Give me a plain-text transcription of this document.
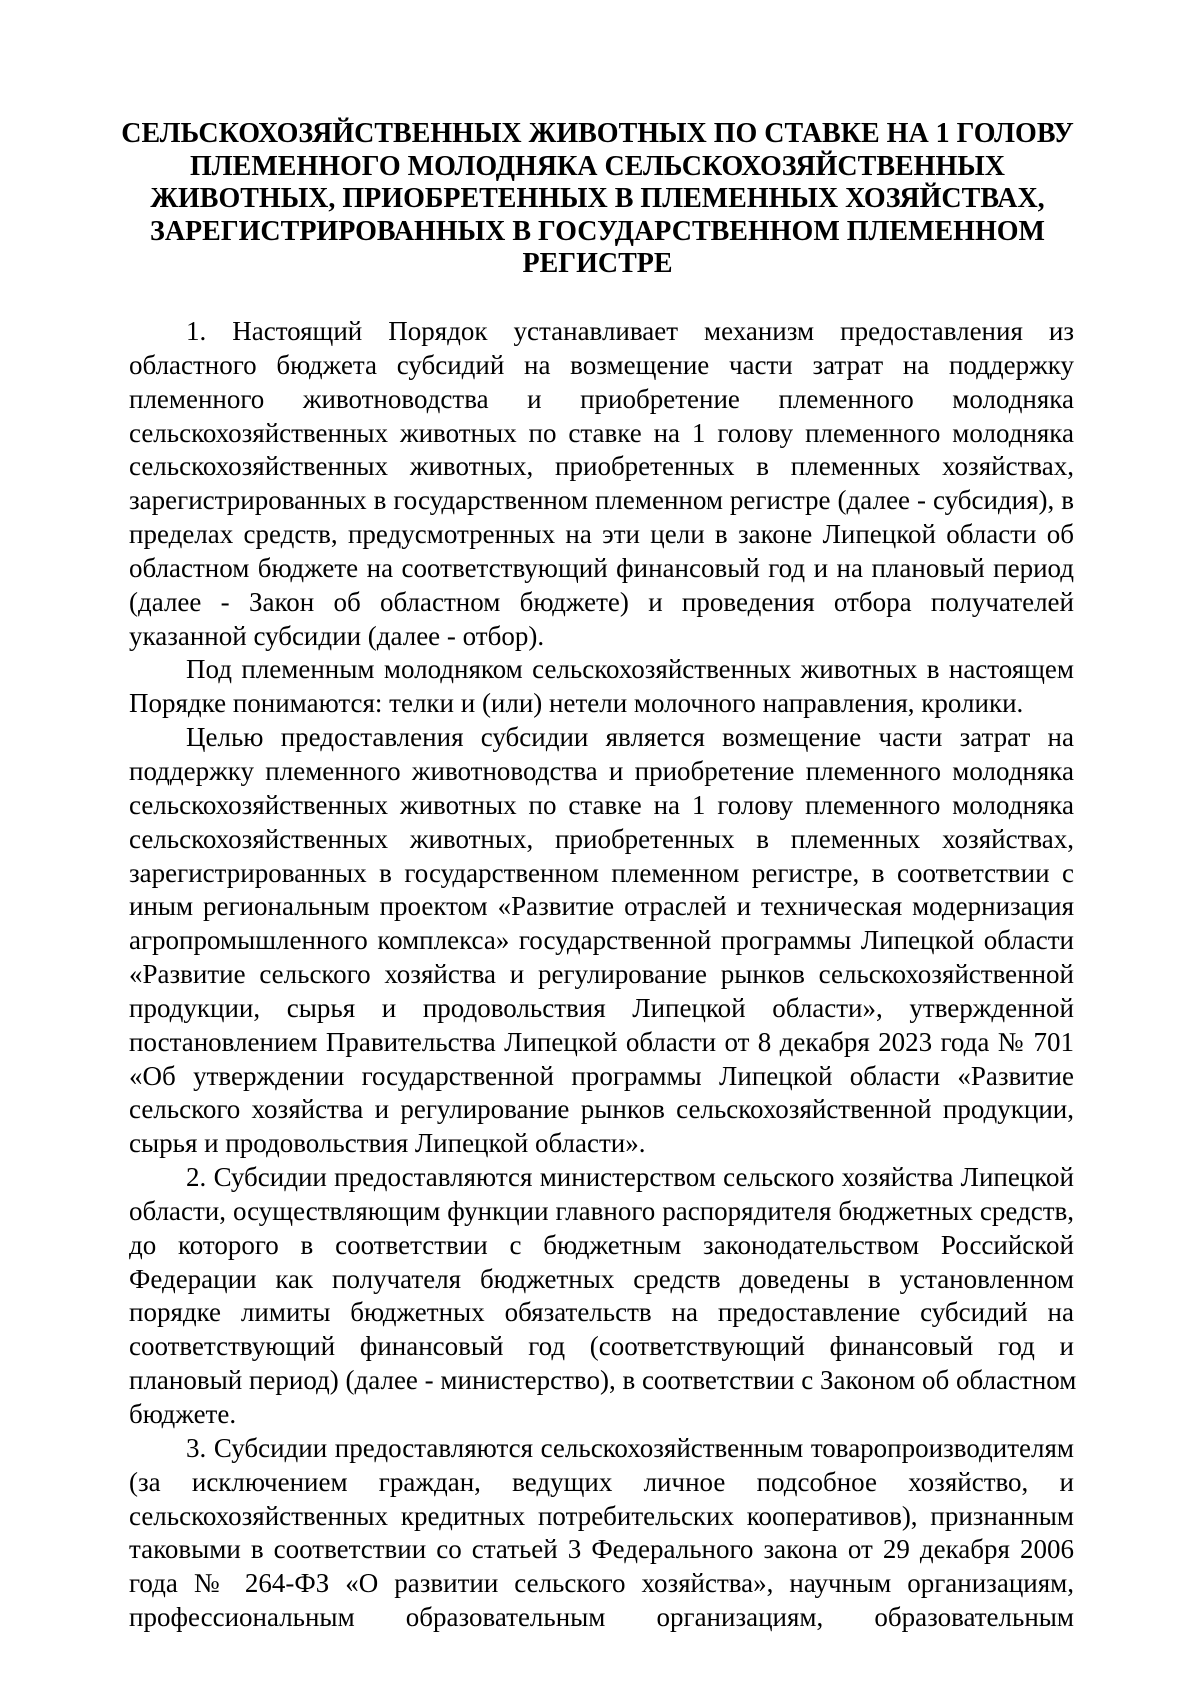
СЕЛЬСКОХОЗЯЙСТВЕННЫХ ЖИВОТНЫХ ПО СТАВКЕ НА 1 ГОЛОВУ
ПЛЕМЕННОГО МОЛОДНЯКА СЕЛЬСКОХОЗЯЙСТВЕННЫХ
ЖИВОТНЫХ, ПРИОБРЕТЕННЫХ В ПЛЕМЕННЫХ ХОЗЯЙСТВАХ,
ЗАРЕГИСТРИРОВАННЫХ В ГОСУДАРСТВЕННОМ ПЛЕМЕННОМ
РЕГИСТРЕ
1. Настоящий Порядок устанавливает механизм предоставления из
областного бюджета субсидий на возмещение части затрат на поддержку
племенного животноводства и приобретение племенного молодняка
сельскохозяйственных животных по ставке на 1 голову племенного молодняка
сельскохозяйственных животных, приобретенных в племенных хозяйствах,
зарегистрированных в государственном племенном регистре (далее - субсидия), в
пределах средств, предусмотренных на эти цели в законе Липецкой области об
областном бюджете на соответствующий финансовый год и на плановый период
(далее - Закон об областном бюджете) и проведения отбора получателей
указанной субсидии (далее - отбор).
Под племенным молодняком сельскохозяйственных животных в настоящем
Порядке понимаются: телки и (или) нетели молочного направления, кролики.
Целью предоставления субсидии является возмещение части затрат на
поддержку племенного животноводства и приобретение племенного молодняка
сельскохозяйственных животных по ставке на 1 голову племенного молодняка
сельскохозяйственных животных, приобретенных в племенных хозяйствах,
зарегистрированных в государственном племенном регистре, в соответствии с
иным региональным проектом «Развитие отраслей и техническая модернизация
агропромышленного комплекса» государственной программы Липецкой области
«Развитие сельского хозяйства и регулирование рынков сельскохозяйственной
продукции, сырья и продовольствия Липецкой области», утвержденной
постановлением Правительства Липецкой области от 8 декабря 2023 года № 701
«Об утверждении государственной программы Липецкой области «Развитие
сельского хозяйства и регулирование рынков сельскохозяйственной продукции,
сырья и продовольствия Липецкой области».
2. Субсидии предоставляются министерством сельского хозяйства Липецкой
области, осуществляющим функции главного распорядителя бюджетных средств,
до которого в соответствии с бюджетным законодательством Российской
Федерации как получателя бюджетных средств доведены в установленном
порядке лимиты бюджетных обязательств на предоставление субсидий на
соответствующий финансовый год (соответствующий финансовый год и
плановый период) (далее - министерство), в соответствии с Законом об областном
бюджете.
3. Субсидии предоставляются сельскохозяйственным товаропроизводителям
(за исключением граждан, ведущих личное подсобное хозяйство, и
сельскохозяйственных кредитных потребительских кооперативов), признанным
таковыми в соответствии со статьей 3 Федерального закона от 29 декабря 2006
года № 264-ФЗ «О развитии сельского хозяйства», научным организациям,
профессиональным образовательным организациям, образовательным
